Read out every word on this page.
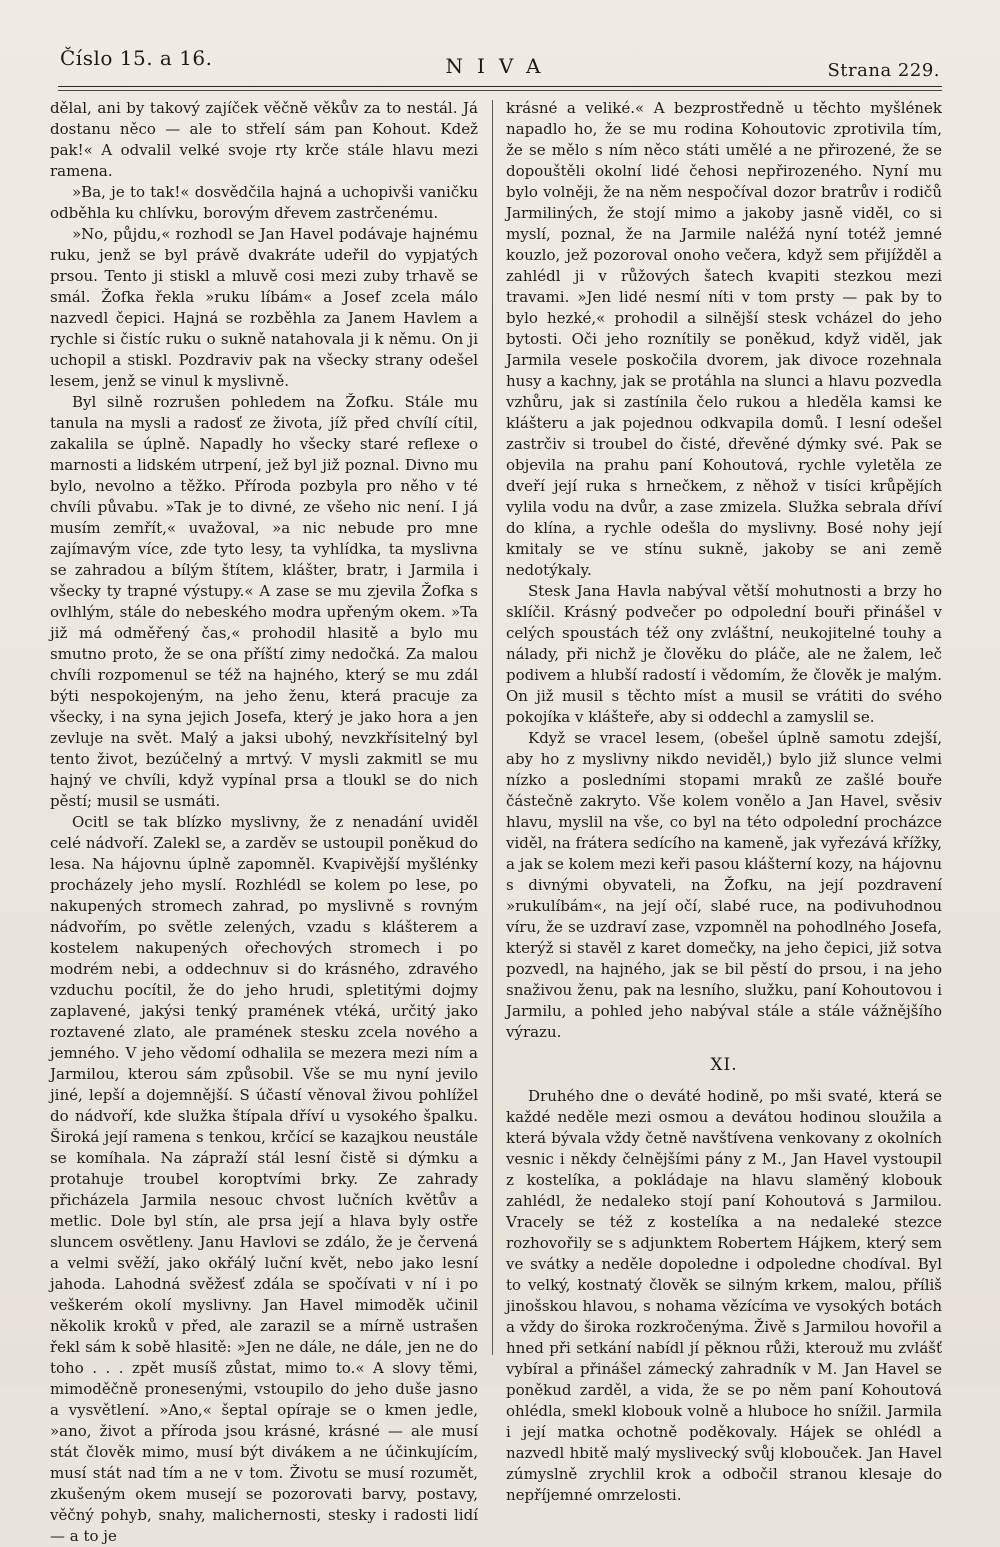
Číslo 15. a 16.	NIVA	Strana 229.

dělal, ani by takový zajíček věčně věkův za to nestál. Já dostanu něco — ale to střelí sám pan Kohout. Kdež pak!« A odvalil velké svoje rty krče stále hlavu mezi ramena.

»Ba, je to tak!« dosvědčila hajná a uchopivši vaničku odběhla ku chlívku, borovým dřevem zastrčenému.

»No, půjdu,« rozhodl se Jan Havel podávaje hajnému ruku, jenž se byl právě dvakráte udeřil do vypjatých prsou. Tento ji stiskl a mluvě cosi mezi zuby trhavě se smál. Žofka řekla »ruku líbám« a Josef zcela málo nazvedl čepici. Hajná se rozběhla za Janem Havlem a rychle si čistíc ruku o sukně natahovala ji k němu. On ji uchopil a stiskl. Pozdraviv pak na všecky strany odešel lesem, jenž se vinul k myslivně.

Byl silně rozrušen pohledem na Žofku. Stále mu tanula na mysli a radosť ze života, jíž před chvílí cítil, zakalila se úplně. Napadly ho všecky staré reflexe o marnosti a lidském utrpení, jež byl již poznal. Divno mu bylo, nevolno a těžko. Příroda pozbyla pro něho v té chvíli půvabu. »Tak je to divné, ze všeho nic není. I já musím zemřít,« uvažoval, »a nic nebude pro mne zajímavým více, zde tyto lesy, ta vyhlídka, ta myslivna se zahradou a bílým štítem, klášter, bratr, i Jarmila i všecky ty trapné výstupy.« A zase se mu zjevila Žofka s ovlhlým, stále do nebeského modra upřeným okem. »Ta již má odměřený čas,« prohodil hlasitě a bylo mu smutno proto, že se ona příští zimy nedočká. Za malou chvíli rozpomenul se též na hajného, který se mu zdál býti nespokojeným, na jeho ženu, která pracuje za všecky, i na syna jejich Josefa, který je jako hora a jen zevluje na svět. Malý a jaksi ubohý, nevzkřísitelný byl tento život, bezúčelný a mrtvý. V mysli zakmitl se mu hajný ve chvíli, když vypínal prsa a tloukl se do nich pěstí; musil se usmáti.

Ocitl se tak blízko myslivny, že z nenadání uviděl celé nádvoří. Zalekl se, a zarděv se ustoupil poněkud do lesa. Na hájovnu úplně zapomněl. Kvapivější myšlénky procházely jeho myslí. Rozhlédl se kolem po lese, po nakupených stromech zahrad, po myslivně s rovným nádvořím, po světle zelených, vzadu s klášterem a kostelem nakupených ořechových stromech i po modrém nebi, a oddechnuv si do krásného, zdravého vzduchu pocítil, že do jeho hrudi, spletitými dojmy zaplavené, jakýsi tenký pramének vtéká, určitý jako roztavené zlato, ale pramének stesku zcela nového a jemného. V jeho vědomí odhalila se mezera mezi ním a Jarmilou, kterou sám způsobil. Vše se mu nyní jevilo jiné, lepší a dojemnější. S účastí věnoval živou pohlížel do nádvoří, kde služka štípala dříví u vysokého špalku. Široká její ramena s tenkou, krčící se kazajkou neustále se komíhala. Na zápraží stál lesní čistě si dýmku a protahuje troubel koroptvími brky. Ze zahrady přicházela Jarmila nesouc chvost lučních květův a metlic. Dole byl stín, ale prsa její a hlava byly ostře sluncem osvětleny. Janu Havlovi se zdálo, že je červená a velmi svěží, jako okřálý luční květ, nebo jako lesní jahoda. Lahodná svěžesť zdála se spočívati v ní i po veškerém okolí myslivny. Jan Havel mimoděk učinil několik kroků v před, ale zarazil se a mírně ustrašen řekl sám k sobě hlasitě: »Jen ne dále, ne dále, jen ne do toho . . . zpět musíš zůstat, mimo to.« A slovy těmi, mimoděčně pronesenými, vstoupilo do jeho duše jasno a vysvětlení. »Ano,« šeptal opíraje se o kmen jedle, »ano, život a příroda jsou krásné, krásné — ale musí stát člověk mimo, musí být divákem a ne účinkujícím, musí stát nad tím a ne v tom. Životu se musí rozumět, zkušeným okem musejí se pozorovati barvy, postavy, věčný pohyb, snahy, malichernosti, stesky i radosti lidí — a to je

krásné a veliké.« A bezprostředně u těchto myšlének napadlo ho, že se mu rodina Kohoutovic zprotivila tím, že se mělo s ním něco státi umělé a ne přirozené, že se dopouštěli okolní lidé čehosi nepřirozeného. Nyní mu bylo volněji, že na něm nespočíval dozor bratrův i rodičů Jarmiliných, že stojí mimo a jakoby jasně viděl, co si myslí, poznal, že na Jarmile naléžá nyní totéž jemné kouzlo, jež pozoroval onoho večera, když sem přijížděl a zahlédl ji v růžových šatech kvapiti stezkou mezi travami. »Jen lidé nesmí níti v tom prsty — pak by to bylo hezké,« prohodil a silnější stesk vcházel do jeho bytosti. Oči jeho roznítily se poněkud, když viděl, jak Jarmila vesele poskočila dvorem, jak divoce rozehnala husy a kachny, jak se protáhla na slunci a hlavu pozvedla vzhůru, jak si zastínila čelo rukou a hleděla kamsi ke klášteru a jak pojednou odkvapila domů. I lesní odešel zastrčiv si troubel do čisté, dřevěné dýmky své. Pak se objevila na prahu paní Kohoutová, rychle vyletěla ze dveří její ruka s hrnečkem, z něhož v tisíci krůpějích vylila vodu na dvůr, a zase zmizela. Služka sebrala dříví do klína, a rychle odešla do myslivny. Bosé nohy její kmitaly se ve stínu sukně, jakoby se ani země nedotýkaly.

Stesk Jana Havla nabýval větší mohutnosti a brzy ho sklíčil. Krásný podvečer po odpolední bouři přinášel v celých spoustách též ony zvláštní, neukojitelné touhy a nálady, při nichž je člověku do pláče, ale ne žalem, leč podivem a hlubší radostí i vědomím, že člověk je malým. On již musil s těchto míst a musil se vrátiti do svého pokojíka v klášteře, aby si oddechl a zamyslil se.

Když se vracel lesem, (obešel úplně samotu zdejší, aby ho z myslivny nikdo neviděl,) bylo již slunce velmi nízko a posledními stopami mraků ze zašlé bouře částečně zakryto. Vše kolem vonělo a Jan Havel, svěsiv hlavu, myslil na vše, co byl na této odpolední procházce viděl, na frátera sedícího na kameně, jak vyřezává křížky, a jak se kolem mezi keři pasou klášterní kozy, na hájovnu s divnými obyvateli, na Žofku, na její pozdravení »rukulíbám«, na její očí, slabé ruce, na podivuhodnou víru, že se uzdraví zase, vzpomněl na pohodlného Josefa, kterýž si stavěl z karet domečky, na jeho čepici, již sotva pozvedl, na hajného, jak se bil pěstí do prsou, i na jeho snaživou ženu, pak na lesního, služku, paní Kohoutovou i Jarmilu, a pohled jeho nabýval stále a stále vážnějšího výrazu.

XI.

Druhého dne o deváté hodině, po mši svaté, která se každé neděle mezi osmou a devátou hodinou sloužila a která bývala vždy četně navštívena venkovany z okolních vesnic i někdy čelnějšími pány z M., Jan Havel vystoupil z kostelíka, a pokládaje na hlavu slaměný klobouk zahlédl, že nedaleko stojí paní Kohoutová s Jarmilou. Vracely se též z kostelíka a na nedaleké stezce rozhovořily se s adjunktem Robertem Hájkem, který sem ve svátky a neděle dopoledne i odpoledne chodíval. Byl to velký, kostnatý člověk se silným krkem, malou, příliš jinošskou hlavou, s nohama vězícíma ve vysokých botách a vždy do široka rozkročenýma. Živě s Jarmilou hovořil a hned při setkání nabídl jí pěknou růži, kterouž mu zvlášť vybíral a přinášel zámecký zahradník v M. Jan Havel se poněkud zarděl, a vida, že se po něm paní Kohoutová ohlédla, smekl klobouk volně a hluboce ho snížil. Jarmila i její matka ochotně poděkovaly. Hájek se ohlédl a nazvedl hbitě malý myslivecký svůj klobouček. Jan Havel zúmyslně zrychlil krok a odbočil stranou klesaje do nepříjemné omrzelosti.
